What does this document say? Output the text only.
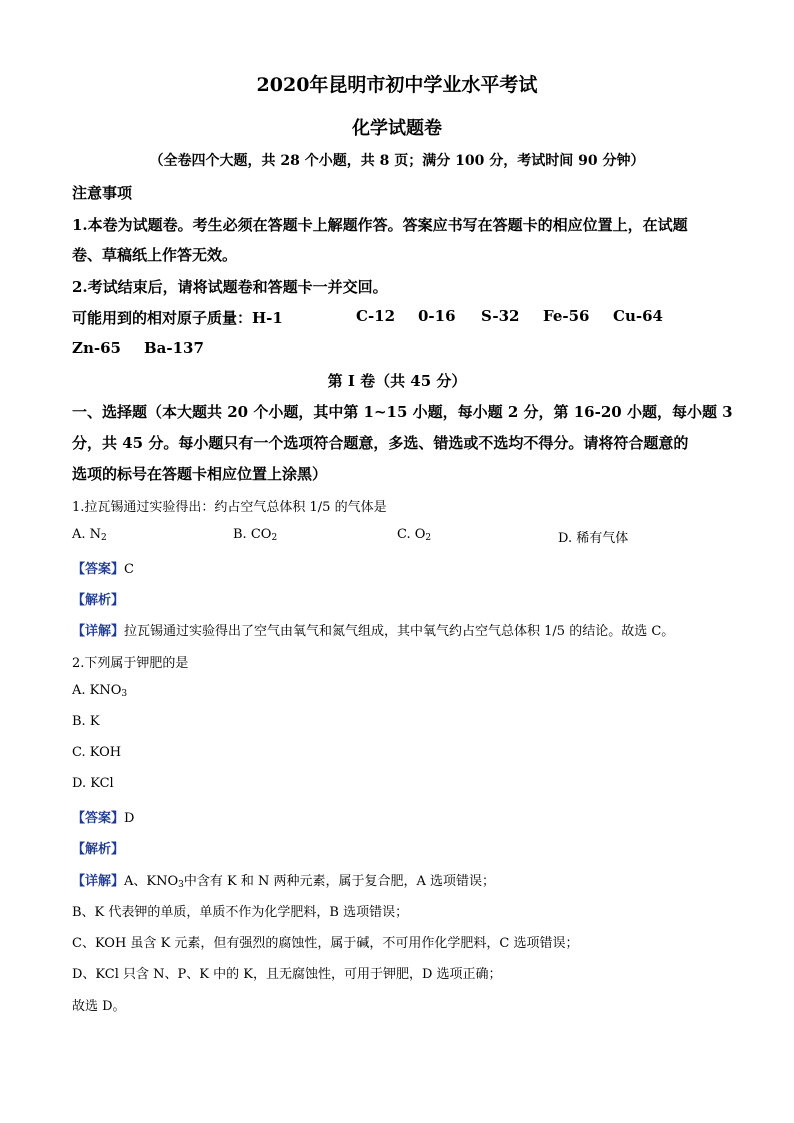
2020年昆明市初中学业水平考试
化学试题卷
（全卷四个大题，共 28 个小题，共 8 页；满分 100 分，考试时间 90 分钟）
注意事项
1.本卷为试题卷。考生必须在答题卡上解题作答。答案应书写在答题卡的相应位置上，在试题
卷、草稿纸上作答无效。
2.考试结束后，请将试题卷和答题卡一并交回。
可能用到的相对原子质量：H-1	C-12 0-16 S-32 Fe-56 Cu-64
Zn-65 Ba-137
第 I 卷（共 45 分）
一、选择题（本大题共 20 个小题，其中第 1~15 小题，每小题 2 分，第 16-20 小题，每小题 3
分，共 45 分。每小题只有一个选项符合题意，多选、错选或不选均不得分。请将符合题意的
选项的标号在答题卡相应位置上涂黑）
1.拉瓦锡通过实验得出：约占空气总体积 1/5 的气体是
A. $N_2$	B. $CO_2$	C. $O_2$	D. 稀有气体
【答案】C
【解析】
【详解】拉瓦锡通过实验得出了空气由氧气和氮气组成，其中氧气约占空气总体积 1/5 的结论。故选 C。
2.下列属于钾肥的是
A. $KNO_3$
B. K
C. KOH
D. KCl
【答案】D
【解析】
【详解】A、$KNO_3$中含有 K 和 N 两种元素，属于复合肥，A 选项错误；
B、K 代表钾的单质，单质不作为化学肥料，B 选项错误；
C、KOH 虽含 K 元素，但有强烈的腐蚀性，属于碱，不可用作化学肥料，C 选项错误；
D、KCl 只含 N、P、K 中的 K，且无腐蚀性，可用于钾肥，D 选项正确；
故选 D。
